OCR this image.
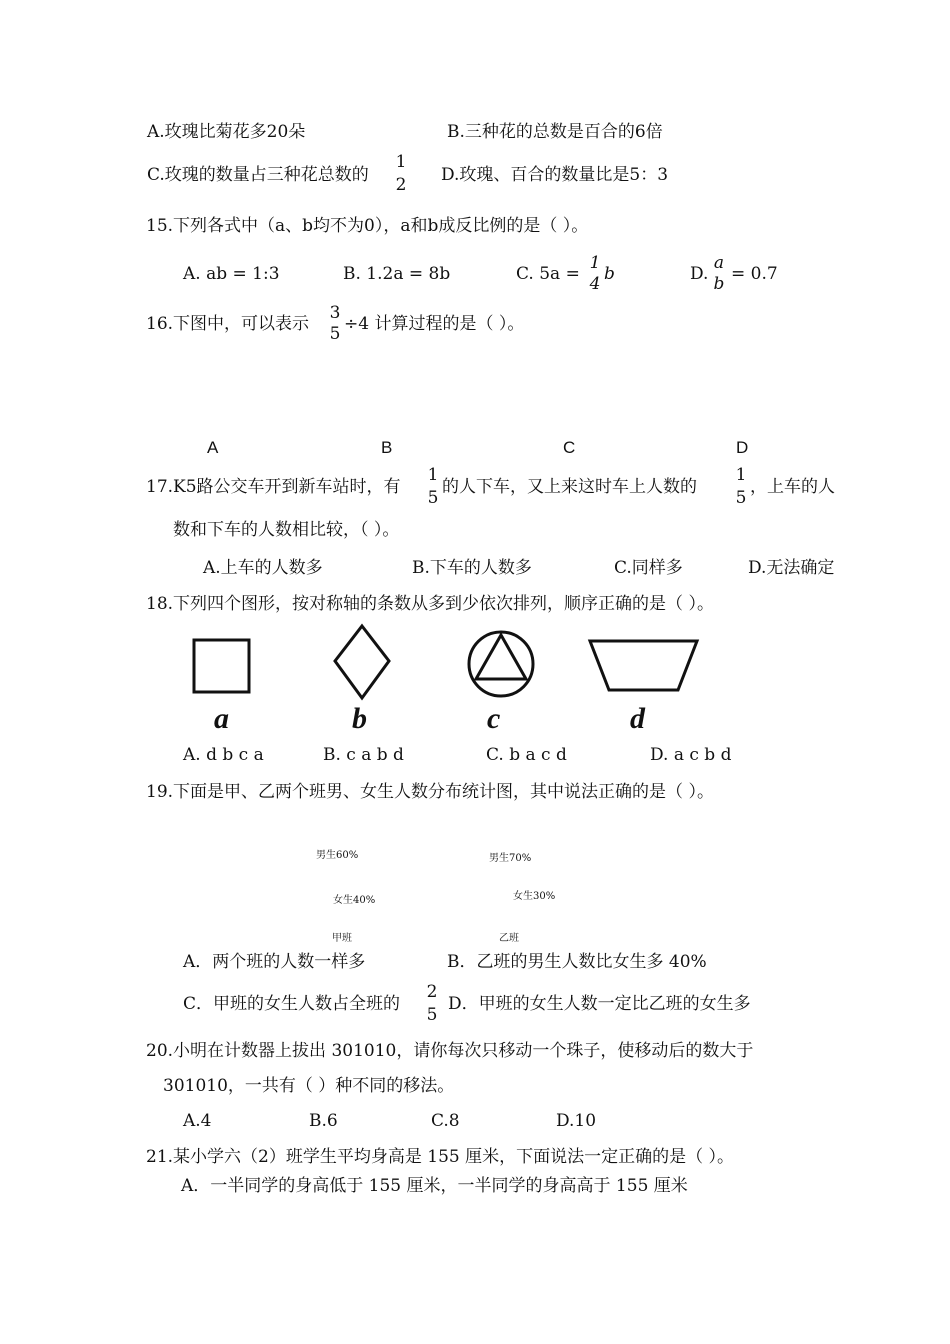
A.玫瑰比菊花多20朵	B.三种花的总数是百合的6倍
C.玫瑰的数量占三种花总数的
1
2 D.玫瑰、百合的数量比是5：3
15.下列各式中（a、b均不为0），a和b成反比例的是（ ）。
A. ab = 1:3	B. 1.2a = 8b	C. 5a =
1
4 b	D.
a
b = 0.7
16.下图中，可以表示
3
5 ÷4 计算过程的是（ ）。
A	B	C	D
17.K5路公交车开到新车站时，有
1
5
的人下车，又上来这时车上人数的
1
5
，上车的人
数和下车的人数相比较，（ ）。
A.上车的人数多	B.下车的人数多	C.同样多	D.无法确定
18.下列四个图形，按对称轴的条数从多到少依次排列，顺序正确的是（ ）。
a	b	c	d
A. d b c a	B. c a b d	C. b a c d	D. a c b d
19.下面是甲、乙两个班男、女生人数分布统计图，其中说法正确的是（ ）。
男生60%
女生40%
甲班
男生70%
女生30%
乙班
A．两个班的人数一样多	B．乙班的男生人数比女生多 40%
C．甲班的女生人数占全班的
2
5
D．甲班的女生人数一定比乙班的女生多
20.小明在计数器上拔出 301010，请你每次只移动一个珠子，使移动后的数大于
301010，一共有（ ）种不同的移法。
A.4	B.6	C.8	D.10
21.某小学六（2）班学生平均身高是 155 厘米，下面说法一定正确的是（ ）。
A．一半同学的身高低于 155 厘米，一半同学的身高高于 155 厘米
